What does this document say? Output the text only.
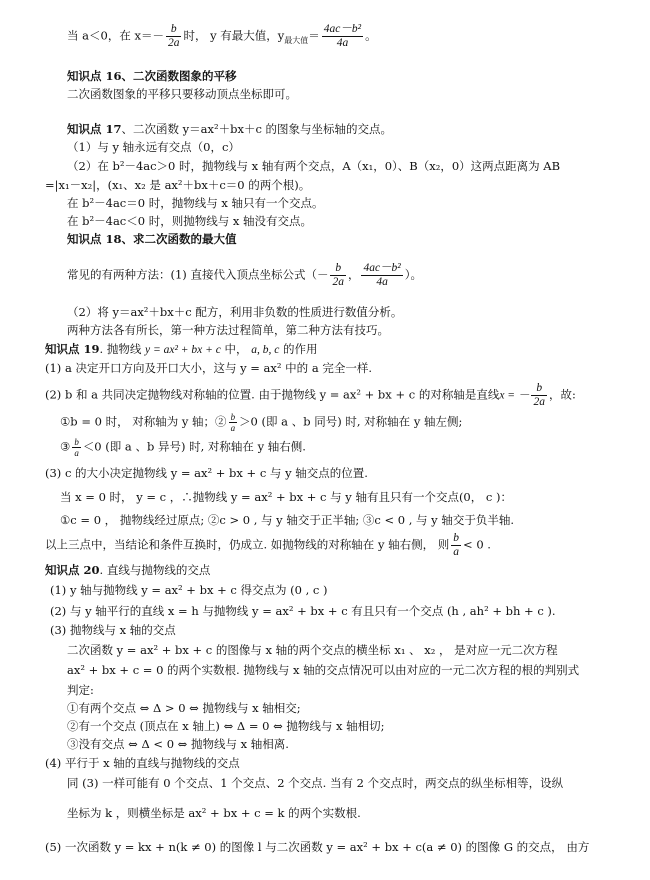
当 a＜0，在 $x=- \frac{b}{2a}$ 时， y 有最大值，$y_{最大值}= \frac{\text{4ac－b²}}{4a}$ 。
知识点 16、二次函数图象的平移
二次函数图象的平移只要移动顶点坐标即可。
知识点 17、二次函数 y＝ax²＋bx＋c 的图象与坐标轴的交点。
（1）与 y 轴永远有交点（0，c）
（2）在 b²－4ac＞0 时，抛物线与 x 轴有两个交点，A（x₁，0）、B（x₂，0）这两点距离为 AB
=|x₁－x₂|，(x₁、x₂ 是 ax²＋bx＋c＝0 的两个根)。
在 b²－4ac＝0 时，抛物线与 x 轴只有一个交点。
在 b²－4ac＜0 时，则抛物线与 x 轴没有交点。
知识点 18、求二次函数的最大值
常见的有两种方法：(1) 直接代入顶点坐标公式（－ $\frac{b}{2a}$ ， $\frac{\text{4ac－b²}}{4a}$ ）。
（2）将 y＝ax²＋bx＋c 配方，利用非负数的性质进行数值分析。
两种方法各有所长，第一种方法过程简单，第二种方法有技巧。
知识点 19. 抛物线 y = ax² + bx + c 中， a, b, c 的作用
(1) a 决定开口方向及开口大小，这与 y = ax² 中的 a 完全一样.
(2) b 和 a 共同决定抛物线对称轴的位置. 由于抛物线 y = ax² + bx + c 的对称轴是直线x = － $\frac{b}{2a}$ ，故:
①b = 0 时， 对称轴为 y 轴；② $\frac{b}{a} >0$ (即 a 、b 同号) 时, 对称轴在 y 轴左侧;
③ $\frac{b}{a} <0$ (即 a 、b 异号) 时, 对称轴在 y 轴右侧.
(3) c 的大小决定抛物线 y = ax² + bx + c 与 y 轴交点的位置.
当 x = 0 时， y = c ，∴抛物线 y = ax² + bx + c 与 y 轴有且只有一个交点(0， c )：
①c = 0 ， 抛物线经过原点; ②c > 0 , 与 y 轴交于正半轴; ③c < 0 , 与 y 轴交于负半轴.
以上三点中，当结论和条件互换时，仍成立. 如抛物线的对称轴在 y 轴右侧， 则 $\frac{b}{a} < 0$ .
知识点 20. 直线与抛物线的交点
(1) y 轴与抛物线 y = ax² + bx + c 得交点为 (0 , c )
(2) 与 y 轴平行的直线 x = h 与抛物线 y = ax² + bx + c 有且只有一个交点 (h , ah² + bh + c ).
(3) 抛物线与 x 轴的交点
二次函数 y = ax² + bx + c 的图像与 x 轴的两个交点的横坐标 x₁ 、 x₂ ， 是对应一元二次方程
ax² + bx + c = 0 的两个实数根. 抛物线与 x 轴的交点情况可以由对应的一元二次方程的根的判别式
判定:
①有两个交点 ⇔ Δ > 0 ⇔ 抛物线与 x 轴相交;
②有一个交点 (顶点在 x 轴上) ⇔ Δ = 0 ⇔ 抛物线与 x 轴相切;
③没有交点 ⇔ Δ < 0 ⇔ 抛物线与 x 轴相离.
(4) 平行于 x 轴的直线与抛物线的交点
同 (3) 一样可能有 0 个交点、1 个交点、2 个交点. 当有 2 个交点时，两交点的纵坐标相等，设纵
坐标为 k ，则横坐标是 ax² + bx + c = k 的两个实数根.
(5) 一次函数 y = kx + n(k ≠ 0) 的图像 l 与二次函数 y = ax² + bx + c(a ≠ 0) 的图像 G 的交点， 由方
